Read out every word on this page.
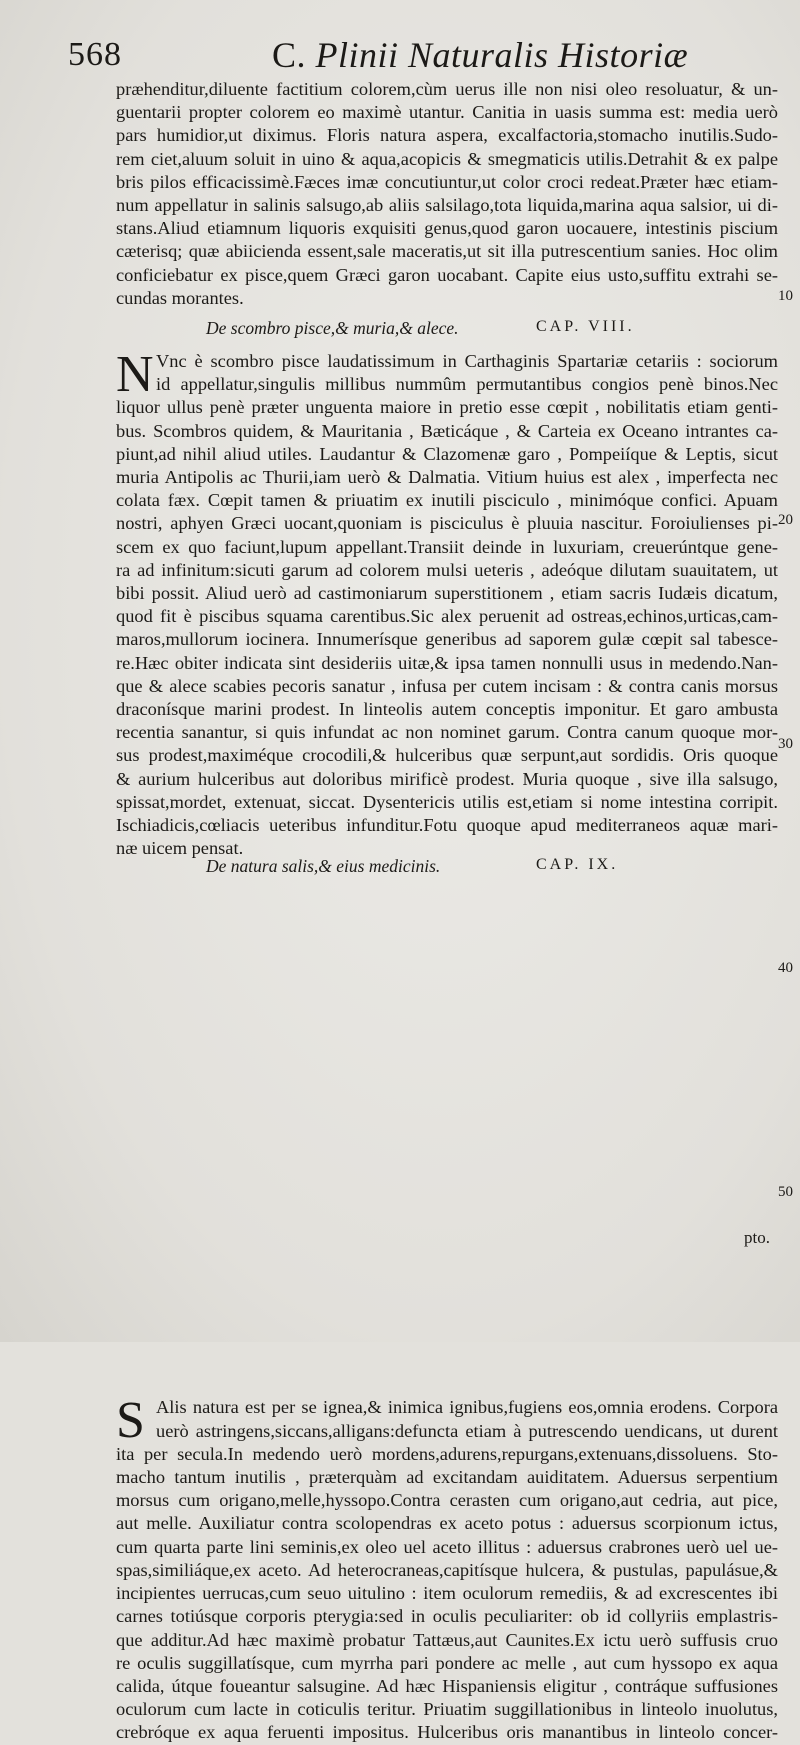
568	C. Plinii Naturalis Historiæ
præhenditur,diluente factitium colorem,cùm uerus ille non nisi oleo resoluatur, & un-
guentarii propter colorem eo maximè utantur. Canitia in uasis summa est: media uerò
pars humidior,ut diximus. Floris natura aspera, excalfactoria,stomacho inutilis.Sudo-
rem ciet,aluum soluit in uino & aqua,acopicis & smegmaticis utilis.Detrahit & ex palpe
bris pilos efficacissimè.Fæces imæ concutiuntur,ut color croci redeat.Præter hæc etiam-
num appellatur in salinis salsugo,ab aliis salsilago,tota liquida,marina aqua salsior, ui di-
stans.Aliud etiamnum liquoris exquisiti genus,quod garon uocauere, intestinis piscium
cæterisq; quæ abiicienda essent,sale maceratis,ut sit illa putrescentium sanies. Hoc olim
conficiebatur ex pisce,quem Græci garon uocabant. Capite eius usto,suffitu extrahi se-
cundas morantes.
De scombro pisce,& muria,& alece.	CAP. VIII.
N Vnc è scombro pisce laudatissimum in Carthaginis Spartariæ cetariis : sociorum
id appellatur,singulis millibus nummûm permutantibus congios penè binos.Nec
liquor ullus penè præter unguenta maiore in pretio esse cœpit , nobilitatis etiam genti-
bus. Scombros quidem, & Mauritania , Bæticáque , & Carteia ex Oceano intrantes ca-
piunt,ad nihil aliud utiles. Laudantur & Clazomenæ garo , Pompeiíque & Leptis, sicut
muria Antipolis ac Thurii,iam uerò & Dalmatia. Vitium huius est alex , imperfecta nec
colata fæx. Cœpit tamen & priuatim ex inutili pisciculo , minimóque confici. Apuam
nostri, aphyen Græci uocant,quoniam is pisciculus è pluuia nascitur. Foroiulienses pi-
scem ex quo faciunt,lupum appellant.Transiit deinde in luxuriam, creuerúntque gene-
ra ad infinitum:sicuti garum ad colorem mulsi ueteris , adeóque dilutam suauitatem, ut
bibi possit. Aliud uerò ad castimoniarum superstitionem , etiam sacris Iudæis dicatum,
quod fit è piscibus squama carentibus.Sic alex peruenit ad ostreas,echinos,urticas,cam-
maros,mullorum iocinera. Innumerísque generibus ad saporem gulæ cœpit sal tabesce-
re.Hæc obiter indicata sint desideriis uitæ,& ipsa tamen nonnulli usus in medendo.Nan-
que & alece scabies pecoris sanatur , infusa per cutem incisam : & contra canis morsus
draconísque marini prodest. In linteolis autem conceptis imponitur. Et garo ambusta
recentia sanantur, si quis infundat ac non nominet garum. Contra canum quoque mor-
sus prodest,maximéque crocodili,& hulceribus quæ serpunt,aut sordidis. Oris quoque
& aurium hulceribus aut doloribus mirificè prodest. Muria quoque , sive illa salsugo,
spissat,mordet, extenuat, siccat. Dysentericis utilis est,etiam si nome intestina corripit.
Ischiadicis,cœliacis ueteribus infunditur.Fotu quoque apud mediterraneos aquæ mari-
næ uicem pensat.
De natura salis,& eius medicinis.	CAP. IX.
S Alis natura est per se ignea,& inimica ignibus,fugiens eos,omnia erodens. Corpora
uerò astringens,siccans,alligans:defuncta etiam à putrescendo uendicans, ut durent
ita per secula.In medendo uerò mordens,adurens,repurgans,extenuans,dissoluens. Sto-
macho tantum inutilis , præterquàm ad excitandam auiditatem. Aduersus serpentium
morsus cum origano,melle,hyssopo.Contra cerasten cum origano,aut cedria, aut pice,
aut melle. Auxiliatur contra scolopendras ex aceto potus : aduersus scorpionum ictus,
cum quarta parte lini seminis,ex oleo uel aceto illitus : aduersus crabrones uerò uel ue-
spas,similiáque,ex aceto. Ad heterocraneas,capitísque hulcera, & pustulas, papulásue,&
incipientes uerrucas,cum seuo uitulino : item oculorum remediis, & ad excrescentes ibi
carnes totiúsque corporis pterygia:sed in oculis peculiariter: ob id collyriis emplastris-
que additur.Ad hæc maximè probatur Tattæus,aut Caunites.Ex ictu uerò suffusis cruo
re oculis suggillatísque, cum myrrha pari pondere ac melle , aut cum hyssopo ex aqua
calida, útque foueantur salsugine. Ad hæc Hispaniensis eligitur , contráque suffusiones
oculorum cum lacte in coticulis teritur. Priuatim suggillationibus in linteolo inuolutus,
crebróque ex aqua feruenti impositus. Hulceribus oris manantibus in linteolo concer-
pto.
10
20
30
40
50
